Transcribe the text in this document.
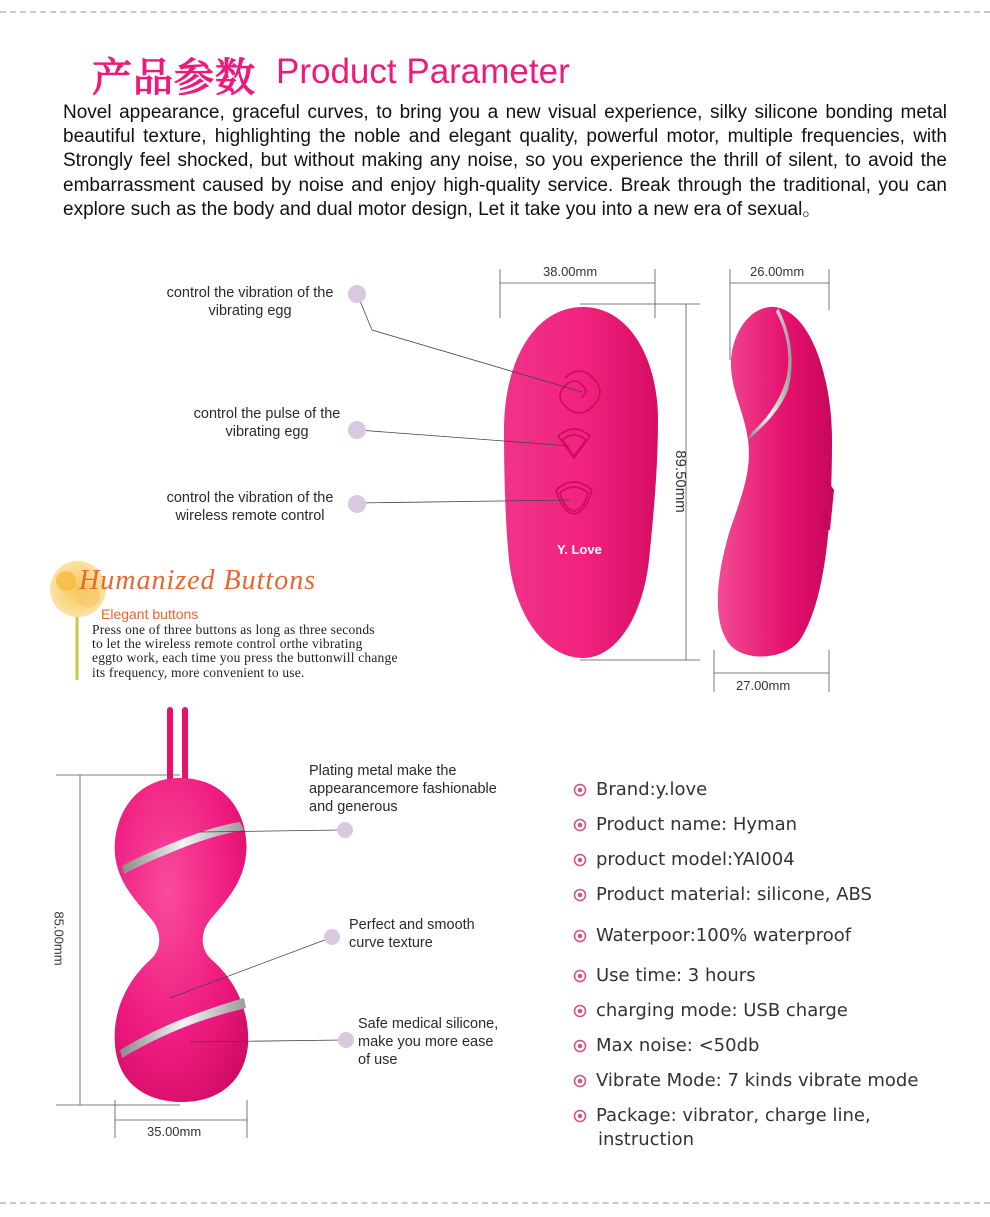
产品参数 Product Parameter
Novel appearance, graceful curves, to bring you a new visual experience, silky silicone bonding metal beautiful texture, highlighting the noble and elegant quality, powerful motor, multiple frequencies, with Strongly feel shocked, but without making any noise, so you experience the thrill of silent, to avoid the embarrassment caused by noise and enjoy high-quality service. Break through the traditional, you can explore such as the body and dual motor design, Let it take you into a new era of sexual。
Y. Love
control the vibration of the
vibrating egg
control the pulse of the
vibrating egg
control the vibration of the
wireless remote control
38.00mm	26.00mm
27.00mm
89.50mm
Humanized Buttons
Elegant buttons
Press one of three buttons as long as three seconds
to let the wireless remote control orthe vibrating
eggto work, each time you press the buttonwill change
its frequency, more convenient to use.
Plating metal make the
appearancemore fashionable
and generous
Perfect and smooth
curve texture
Safe medical silicone,
make you more ease
of use
35.00mm
85.00mm
Brand:y.love
Product name: Hyman
product model:YAI004
Product material: silicone, ABS
Waterpoor:100% waterproof
Use time: 3 hours
charging mode: USB charge
Max noise: <50db
Vibrate Mode: 7 kinds vibrate mode
Package: vibrator, charge line,
instruction
